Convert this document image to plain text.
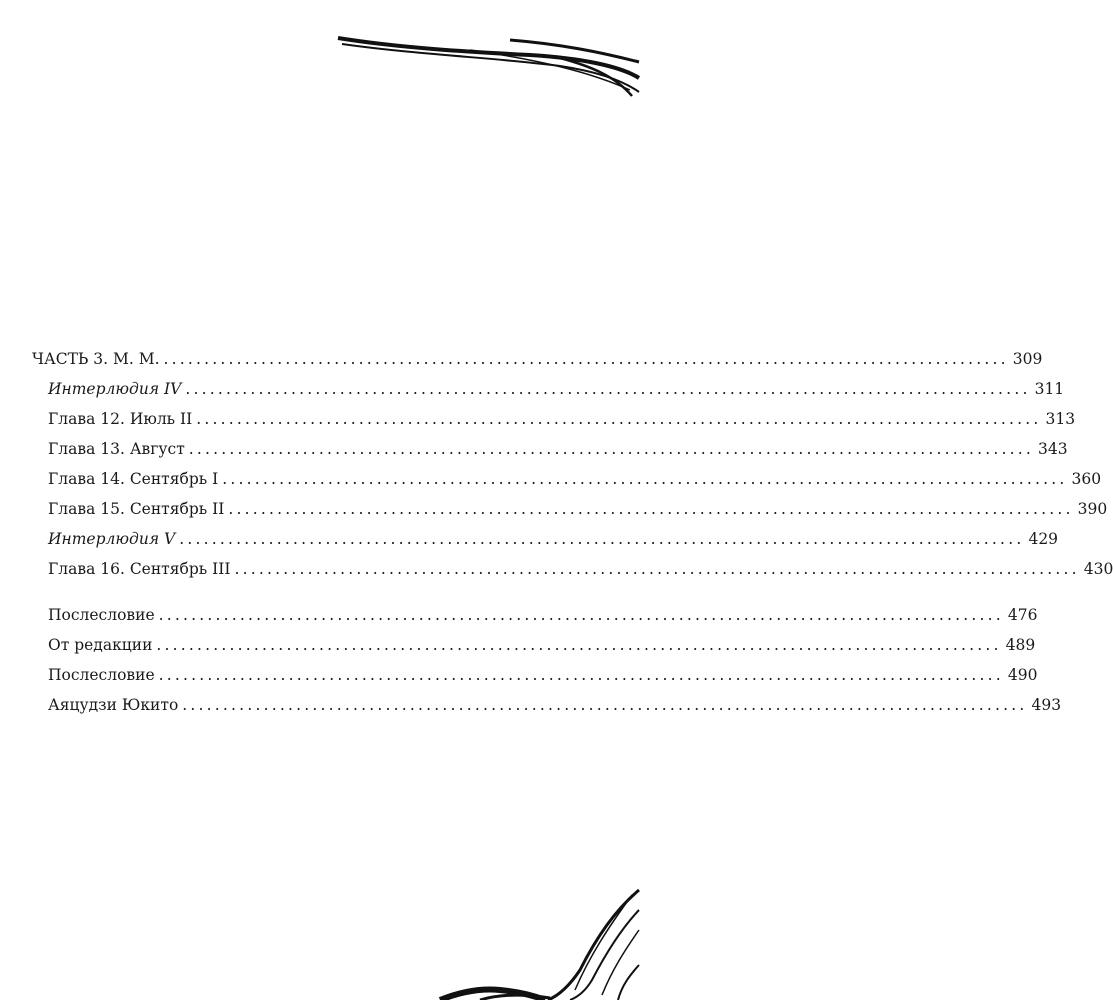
ЧАСТЬ 3. М. М. ........................................................................................................ 309
Интерлюдия IV ........................................................................................................ 311
Глава 12. Июль II ........................................................................................................ 313
Глава 13. Август ........................................................................................................ 343
Глава 14. Сентябрь I ........................................................................................................ 360
Глава 15. Сентябрь II ........................................................................................................ 390
Интерлюдия V ........................................................................................................ 429
Глава 16. Сентябрь III ........................................................................................................ 430
Послесловие ........................................................................................................ 476
От редакции ........................................................................................................ 489
Послесловие ........................................................................................................ 490
Аяцудзи Юкито ........................................................................................................ 493
